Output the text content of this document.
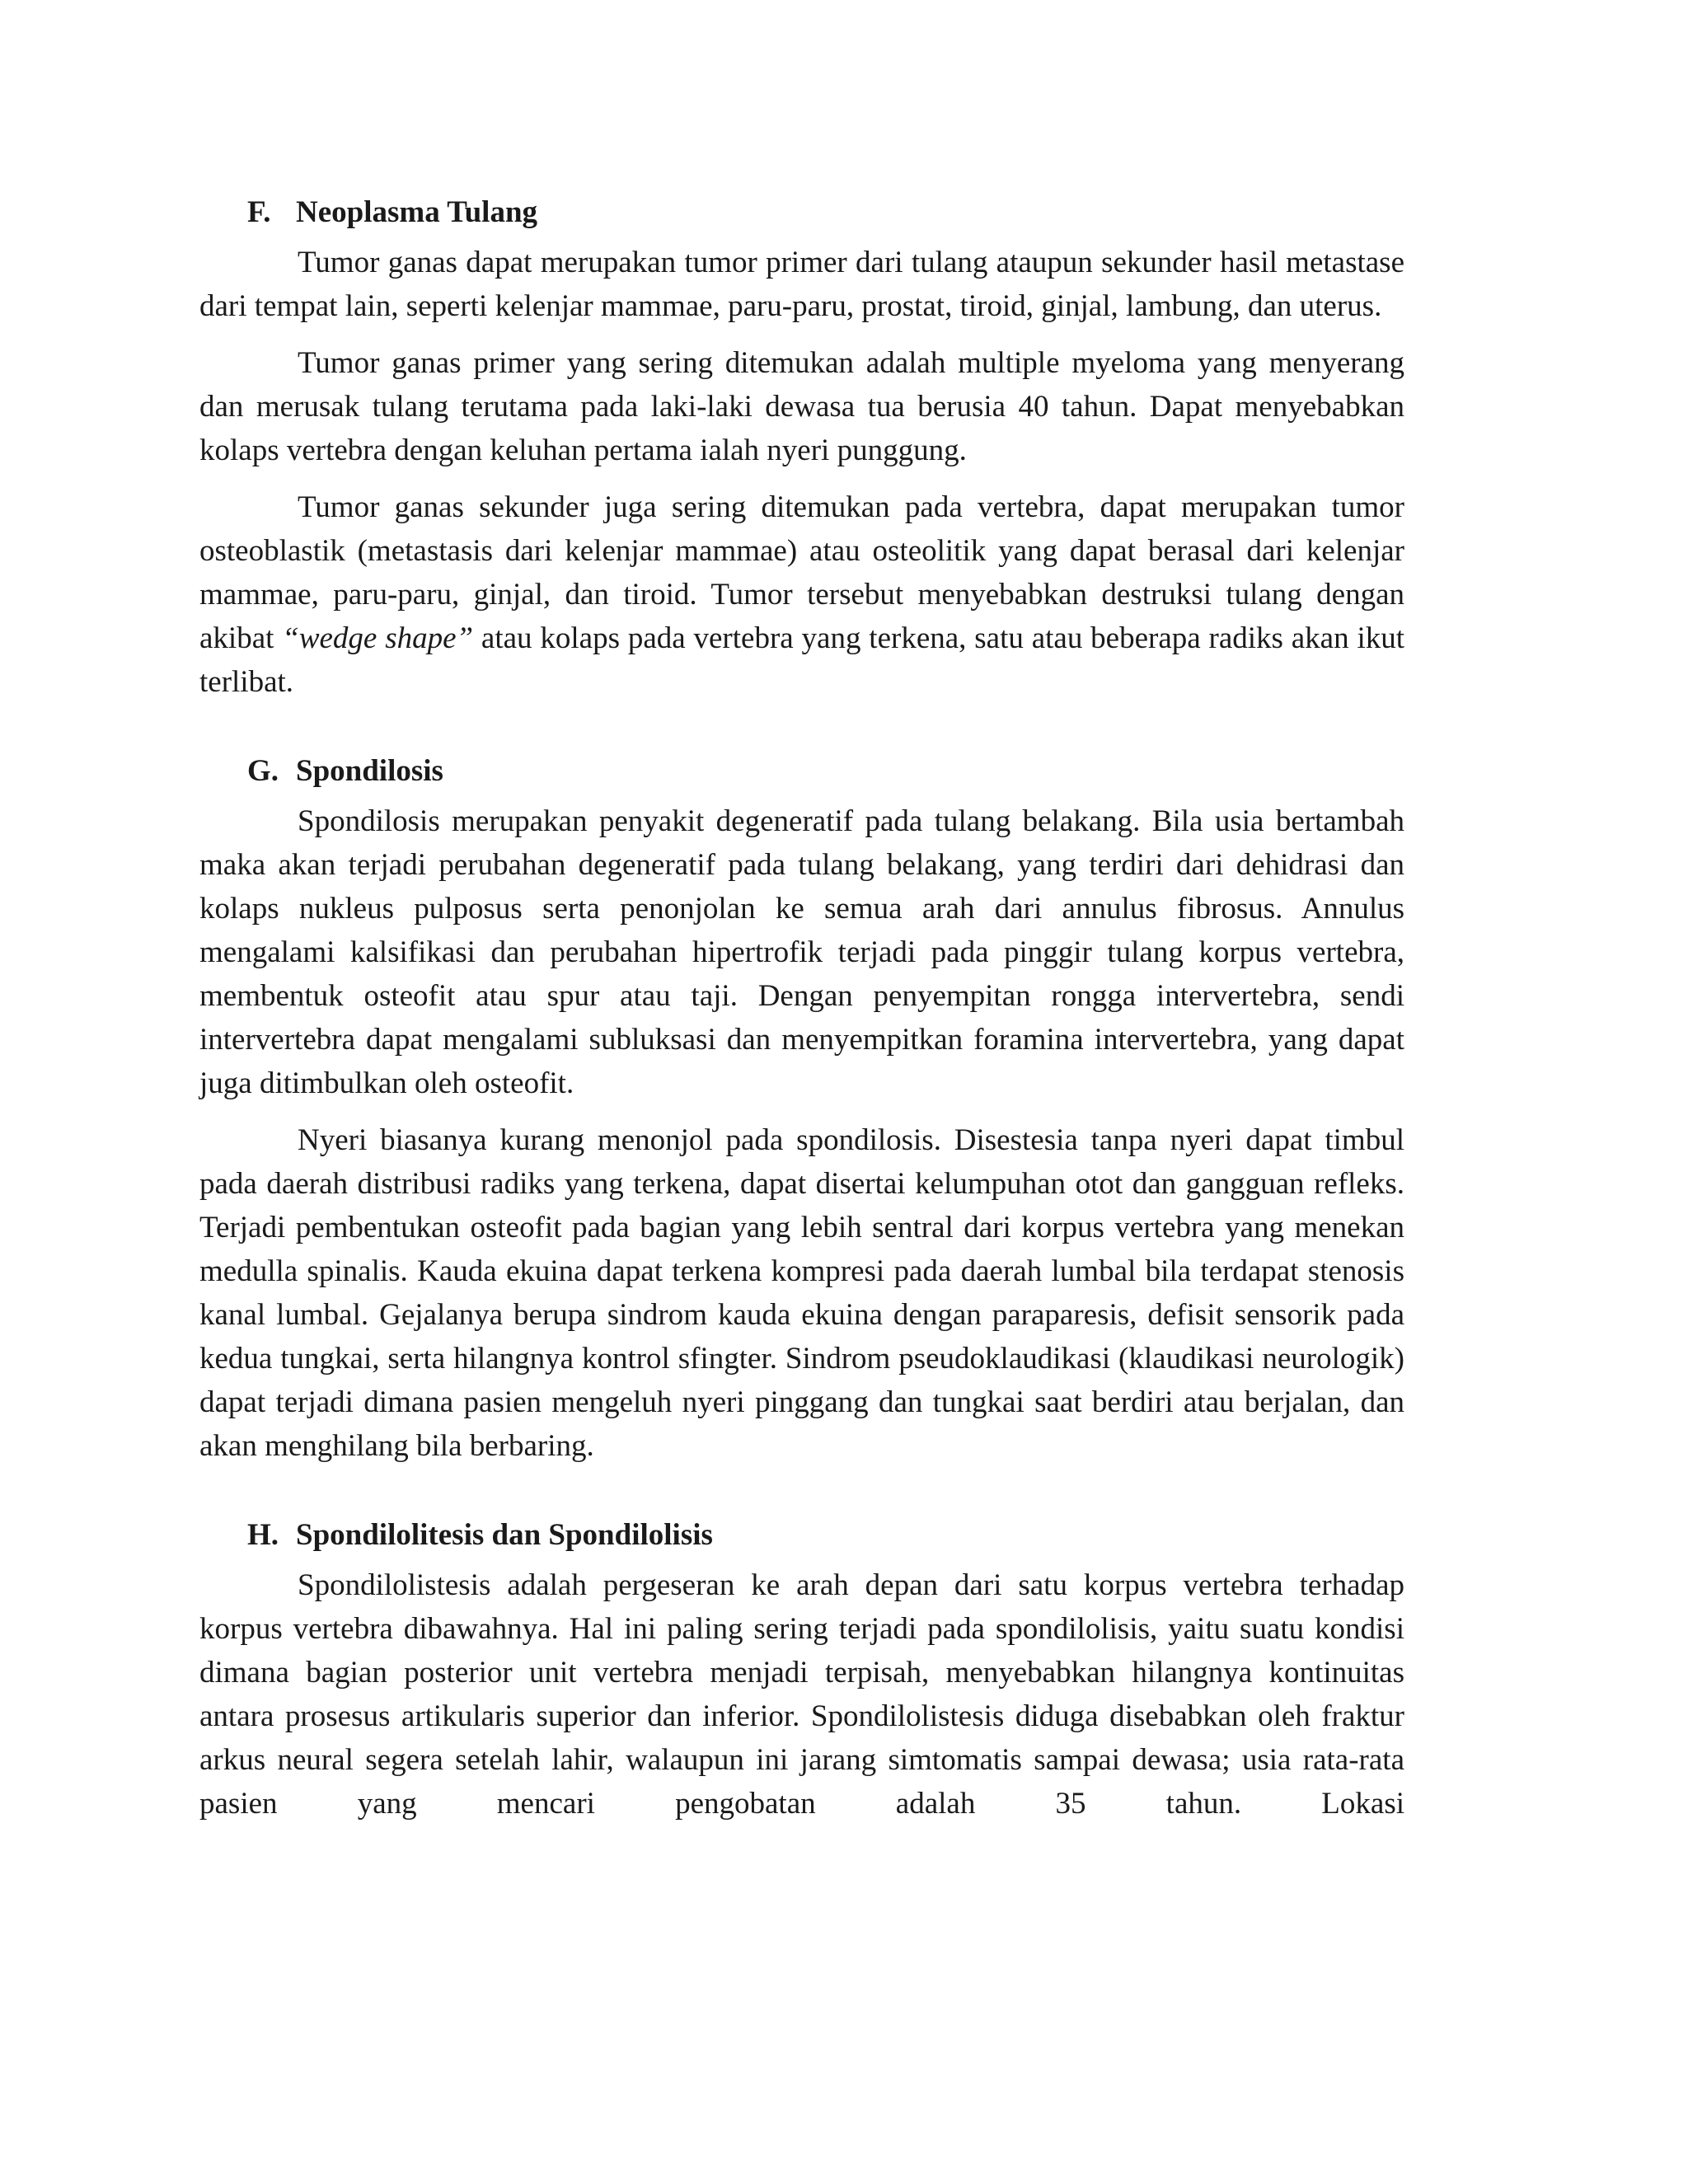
F. Neoplasma Tulang

Tumor ganas dapat merupakan tumor primer dari tulang ataupun sekunder hasil metastase dari tempat lain, seperti kelenjar mammae, paru-paru, prostat, tiroid, ginjal, lambung, dan uterus.

Tumor ganas primer yang sering ditemukan adalah multiple myeloma yang menyerang dan merusak tulang terutama pada laki-laki dewasa tua berusia 40 tahun. Dapat menyebabkan kolaps vertebra dengan keluhan pertama ialah nyeri punggung.

Tumor ganas sekunder juga sering ditemukan pada vertebra, dapat merupakan tumor osteoblastik (metastasis dari kelenjar mammae) atau osteolitik yang dapat berasal dari kelenjar mammae, paru-paru, ginjal, dan tiroid. Tumor tersebut menyebabkan destruksi tulang dengan akibat “wedge shape” atau kolaps pada vertebra yang terkena, satu atau beberapa radiks akan ikut terlibat.

G. Spondilosis

Spondilosis merupakan penyakit degeneratif pada tulang belakang. Bila usia bertambah maka akan terjadi perubahan degeneratif pada tulang belakang, yang terdiri dari dehidrasi dan kolaps nukleus pulposus serta penonjolan ke semua arah dari annulus fibrosus. Annulus mengalami kalsifikasi dan perubahan hipertrofik terjadi pada pinggir tulang korpus vertebra, membentuk osteofit atau spur atau taji. Dengan penyempitan rongga intervertebra, sendi intervertebra dapat mengalami subluksasi dan menyempitkan foramina intervertebra, yang dapat juga ditimbulkan oleh osteofit.

Nyeri biasanya kurang menonjol pada spondilosis. Disestesia tanpa nyeri dapat timbul pada daerah distribusi radiks yang terkena, dapat disertai kelumpuhan otot dan gangguan refleks. Terjadi pembentukan osteofit pada bagian yang lebih sentral dari korpus vertebra yang menekan medulla spinalis. Kauda ekuina dapat terkena kompresi pada daerah lumbal bila terdapat stenosis kanal lumbal. Gejalanya berupa sindrom kauda ekuina dengan paraparesis, defisit sensorik pada kedua tungkai, serta hilangnya kontrol sfingter. Sindrom pseudoklaudikasi (klaudikasi neurologik) dapat terjadi dimana pasien mengeluh nyeri pinggang dan tungkai saat berdiri atau berjalan, dan akan menghilang bila berbaring.

H. Spondilolitesis dan Spondilolisis

Spondilolistesis adalah pergeseran ke arah depan dari satu korpus vertebra terhadap korpus vertebra dibawahnya. Hal ini paling sering terjadi pada spondilolisis, yaitu suatu kondisi dimana bagian posterior unit vertebra menjadi terpisah, menyebabkan hilangnya kontinuitas antara prosesus artikularis superior dan inferior. Spondilolistesis diduga disebabkan oleh fraktur arkus neural segera setelah lahir, walaupun ini jarang simtomatis sampai dewasa; usia rata-rata pasien yang mencari pengobatan adalah 35 tahun. Lokasi
